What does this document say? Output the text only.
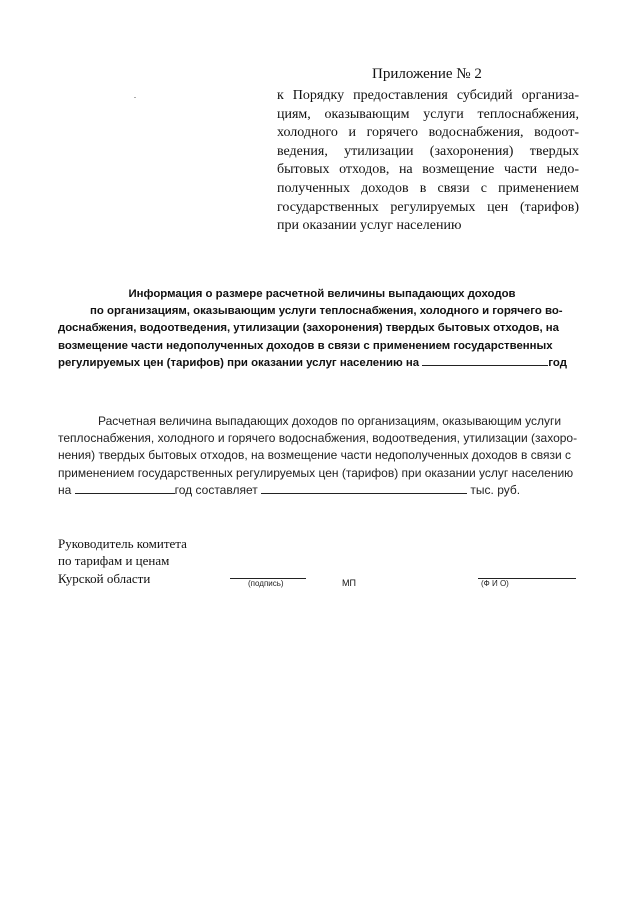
Приложение № 2
к Порядку предоставления субсидий организа- циям, оказывающим услуги теплоснабжения, холодного и горячего водоснабжения, водоот- ведения, утилизации (захоронения) твердых бытовых отходов, на возмещение части недо- полученных доходов в связи с применением государственных регулируемых цен (тарифов) при оказании услуг населению
Информация о размере расчетной величины выпадающих доходов
по организациям, оказывающим услуги теплоснабжения, холодного и горячего во-
доснабжения, водоотведения, утилизации (захоронения) твердых бытовых отходов, на
возмещение части недополученных доходов в связи с применением государственных
регулируемых цен (тарифов) при оказании услуг населению на	год
Расчетная величина выпадающих доходов по организациям, оказывающим услуги
теплоснабжения, холодного и горячего водоснабжения, водоотведения, утилизации (захоро-
нения) твердых бытовых отходов, на возмещение части недополученных доходов в связи с
применением государственных регулируемых цен (тарифов) при оказании услуг населению
на	год составляет	тыс. руб.
Руководитель комитета
по тарифам и ценам
Курской области	(подпись)	МП	(Ф И О)
